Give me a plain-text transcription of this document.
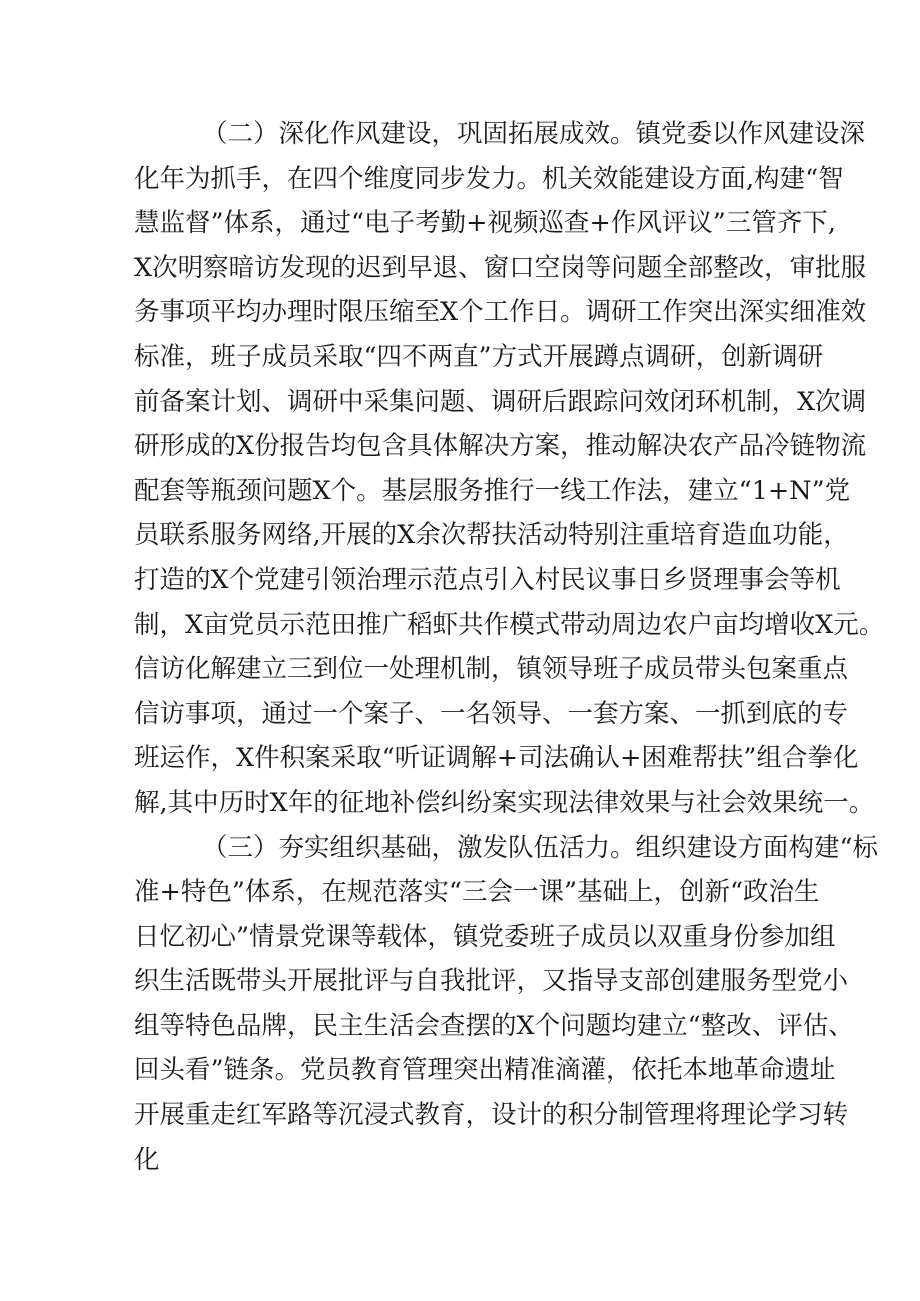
（二）深化作风建设，巩固拓展成效。镇党委以作风建设深
化年为抓手，在四个维度同步发力。机关效能建设方面,构建“智
慧监督”体系，通过“电子考勤+视频巡查+作风评议”三管齐下,
X次明察暗访发现的迟到早退、窗口空岗等问题全部整改，审批服
务事项平均办理时限压缩至X个工作日。调研工作突出深实细准效
标准，班子成员采取“四不两直”方式开展蹲点调研，创新调研
前备案计划、调研中采集问题、调研后跟踪问效闭环机制，X次调
研形成的X份报告均包含具体解决方案，推动解决农产品冷链物流
配套等瓶颈问题X个。基层服务推行一线工作法，建立“1+N”党
员联系服务网络,开展的X余次帮扶活动特别注重培育造血功能，
打造的X个党建引领治理示范点引入村民议事日乡贤理事会等机
制，X亩党员示范田推广稻虾共作模式带动周边农户亩均增收X元。
信访化解建立三到位一处理机制，镇领导班子成员带头包案重点
信访事项，通过一个案子、一名领导、一套方案、一抓到底的专
班运作，X件积案采取“听证调解+司法确认+困难帮扶”组合拳化
解,其中历时X年的征地补偿纠纷案实现法律效果与社会效果统一。
（三）夯实组织基础，激发队伍活力。组织建设方面构建“标
准+特色”体系，在规范落实“三会一课”基础上，创新“政治生
日忆初心”情景党课等载体，镇党委班子成员以双重身份参加组
织生活既带头开展批评与自我批评，又指导支部创建服务型党小
组等特色品牌，民主生活会查摆的X个问题均建立“整改、评估、
回头看”链条。党员教育管理突出精准滴灌，依托本地革命遗址
开展重走红军路等沉浸式教育，设计的积分制管理将理论学习转
化
